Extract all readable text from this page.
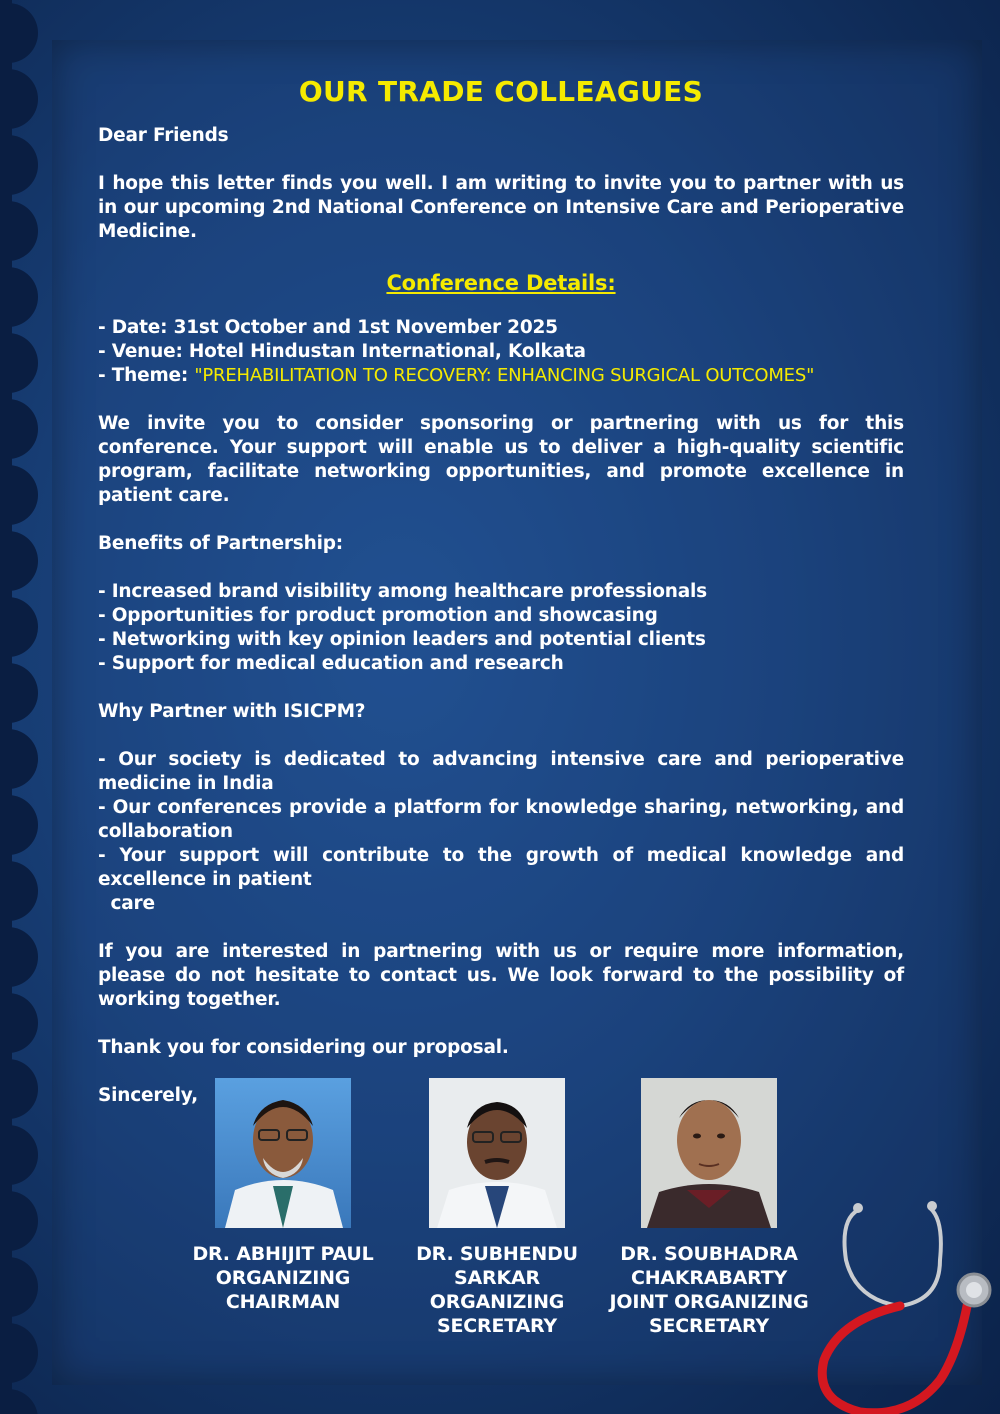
OUR TRADE COLLEAGUES

Dear Friends

I hope this letter finds you well. I am writing to invite you to partner with us in our upcoming 2nd National Conference on Intensive Care and Perioperative Medicine.

Conference Details:

- Date: 31st October and 1st November 2025
- Venue: Hotel Hindustan International, Kolkata
- Theme: "PREHABILITATION TO RECOVERY: ENHANCING SURGICAL OUTCOMES"

We invite you to consider sponsoring or partnering with us for this conference. Your support will enable us to deliver a high-quality scientific program, facilitate networking opportunities, and promote excellence in patient care.

Benefits of Partnership:

- Increased brand visibility among healthcare professionals
- Opportunities for product promotion and showcasing
- Networking with key opinion leaders and potential clients
- Support for medical education and research

Why Partner with ISICPM?

- Our society is dedicated to advancing intensive care and perioperative medicine in India
- Our conferences provide a platform for knowledge sharing, networking, and collaboration
- Your support will contribute to the growth of medical knowledge and excellence in patient
care

If you are interested in partnering with us or require more information, please do not hesitate to contact us. We look forward to the possibility of working together.

Thank you for considering our proposal.

Sincerely,

DR. ABHIJIT PAUL
ORGANIZING
CHAIRMAN
DR. SUBHENDU
SARKAR
ORGANIZING
SECRETARY
DR. SOUBHADRA
CHAKRABARTY
JOINT ORGANIZING
SECRETARY
